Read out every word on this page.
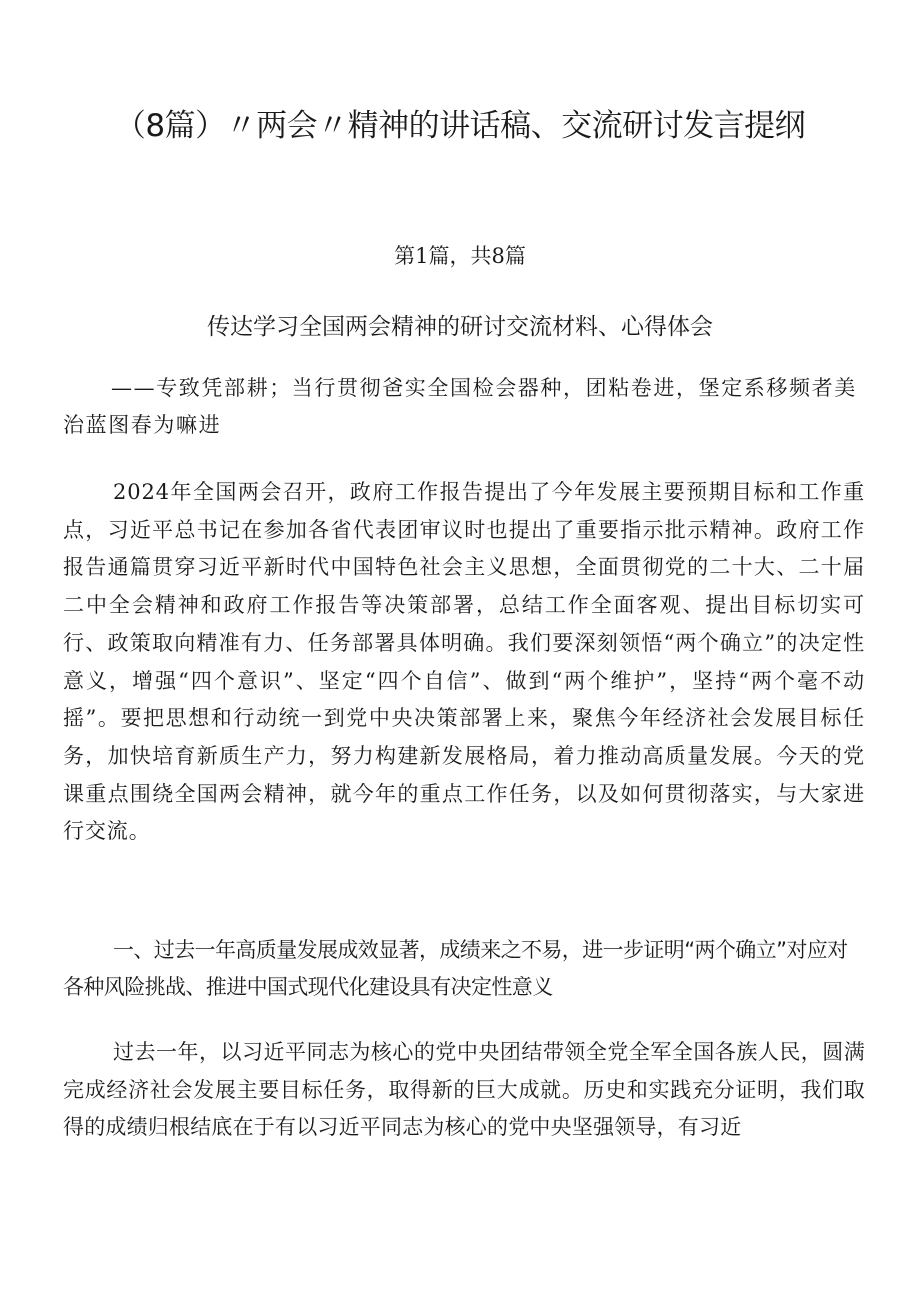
（8篇）〃两会〃精神的讲话稿、交流研讨发言提纲
第1篇，共8篇
传达学习全国两会精神的研讨交流材料、心得体会
——专致凭部耕；当行贯彻爸实全国检会器种，团粘卷进，堡定系移频者美治蓝图春为嘛进
2024年全国两会召开，政府工作报告提出了今年发展主要预期目标和工作重点，习近平总书记在参加各省代表团审议时也提出了重要指示批示精神。政府工作报告通篇贯穿习近平新时代中国特色社会主义思想，全面贯彻党的二十大、二十届二中全会精神和政府工作报告等决策部署，总结工作全面客观、提出目标切实可行、政策取向精准有力、任务部署具体明确。我们要深刻领悟“两个确立”的决定性意义，增强“四个意识”、坚定“四个自信”、做到“两个维护”，坚持“两个毫不动摇”。要把思想和行动统一到党中央决策部署上来，聚焦今年经济社会发展目标任务，加快培育新质生产力，努力构建新发展格局，着力推动高质量发展。今天的党课重点围绕全国两会精神，就今年的重点工作任务，以及如何贯彻落实，与大家进行交流。
一、过去一年高质量发展成效显著，成绩来之不易，进一步证明“两个确立”对应对各种风险挑战、推进中国式现代化建设具有决定性意义
过去一年，以习近平同志为核心的党中央团结带领全党全军全国各族人民，圆满完成经济社会发展主要目标任务，取得新的巨大成就。历史和实践充分证明，我们取得的成绩归根结底在于有以习近平同志为核心的党中央坚强领导，有习近
